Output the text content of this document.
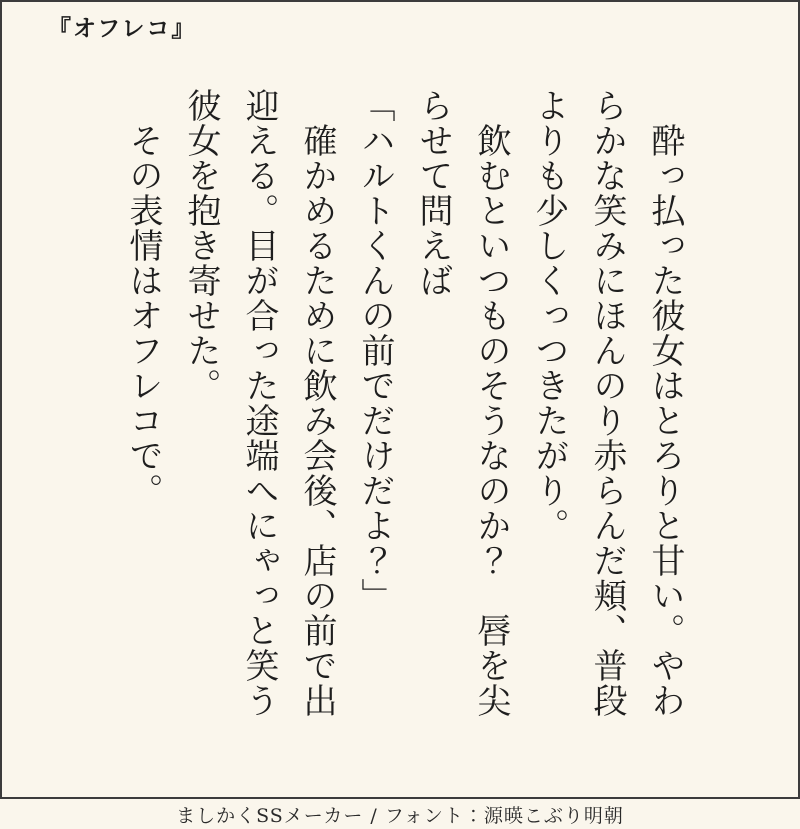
『オフレコ』

酔っ払った彼女はとろりと甘い。やわらかな笑みにほんのり赤らんだ頬、普段よりも少しくっつきたがり。

飲むといつものそうなのか？　唇を尖らせて問えば

「ハルトくんの前でだけだよ？」

確かめるために飲み会後、店の前で出迎える。目が合った途端へにゃっと笑う彼女を抱き寄せた。

その表情はオフレコで。

ましかくSSメーカー / フォント：源暎こぶり明朝
